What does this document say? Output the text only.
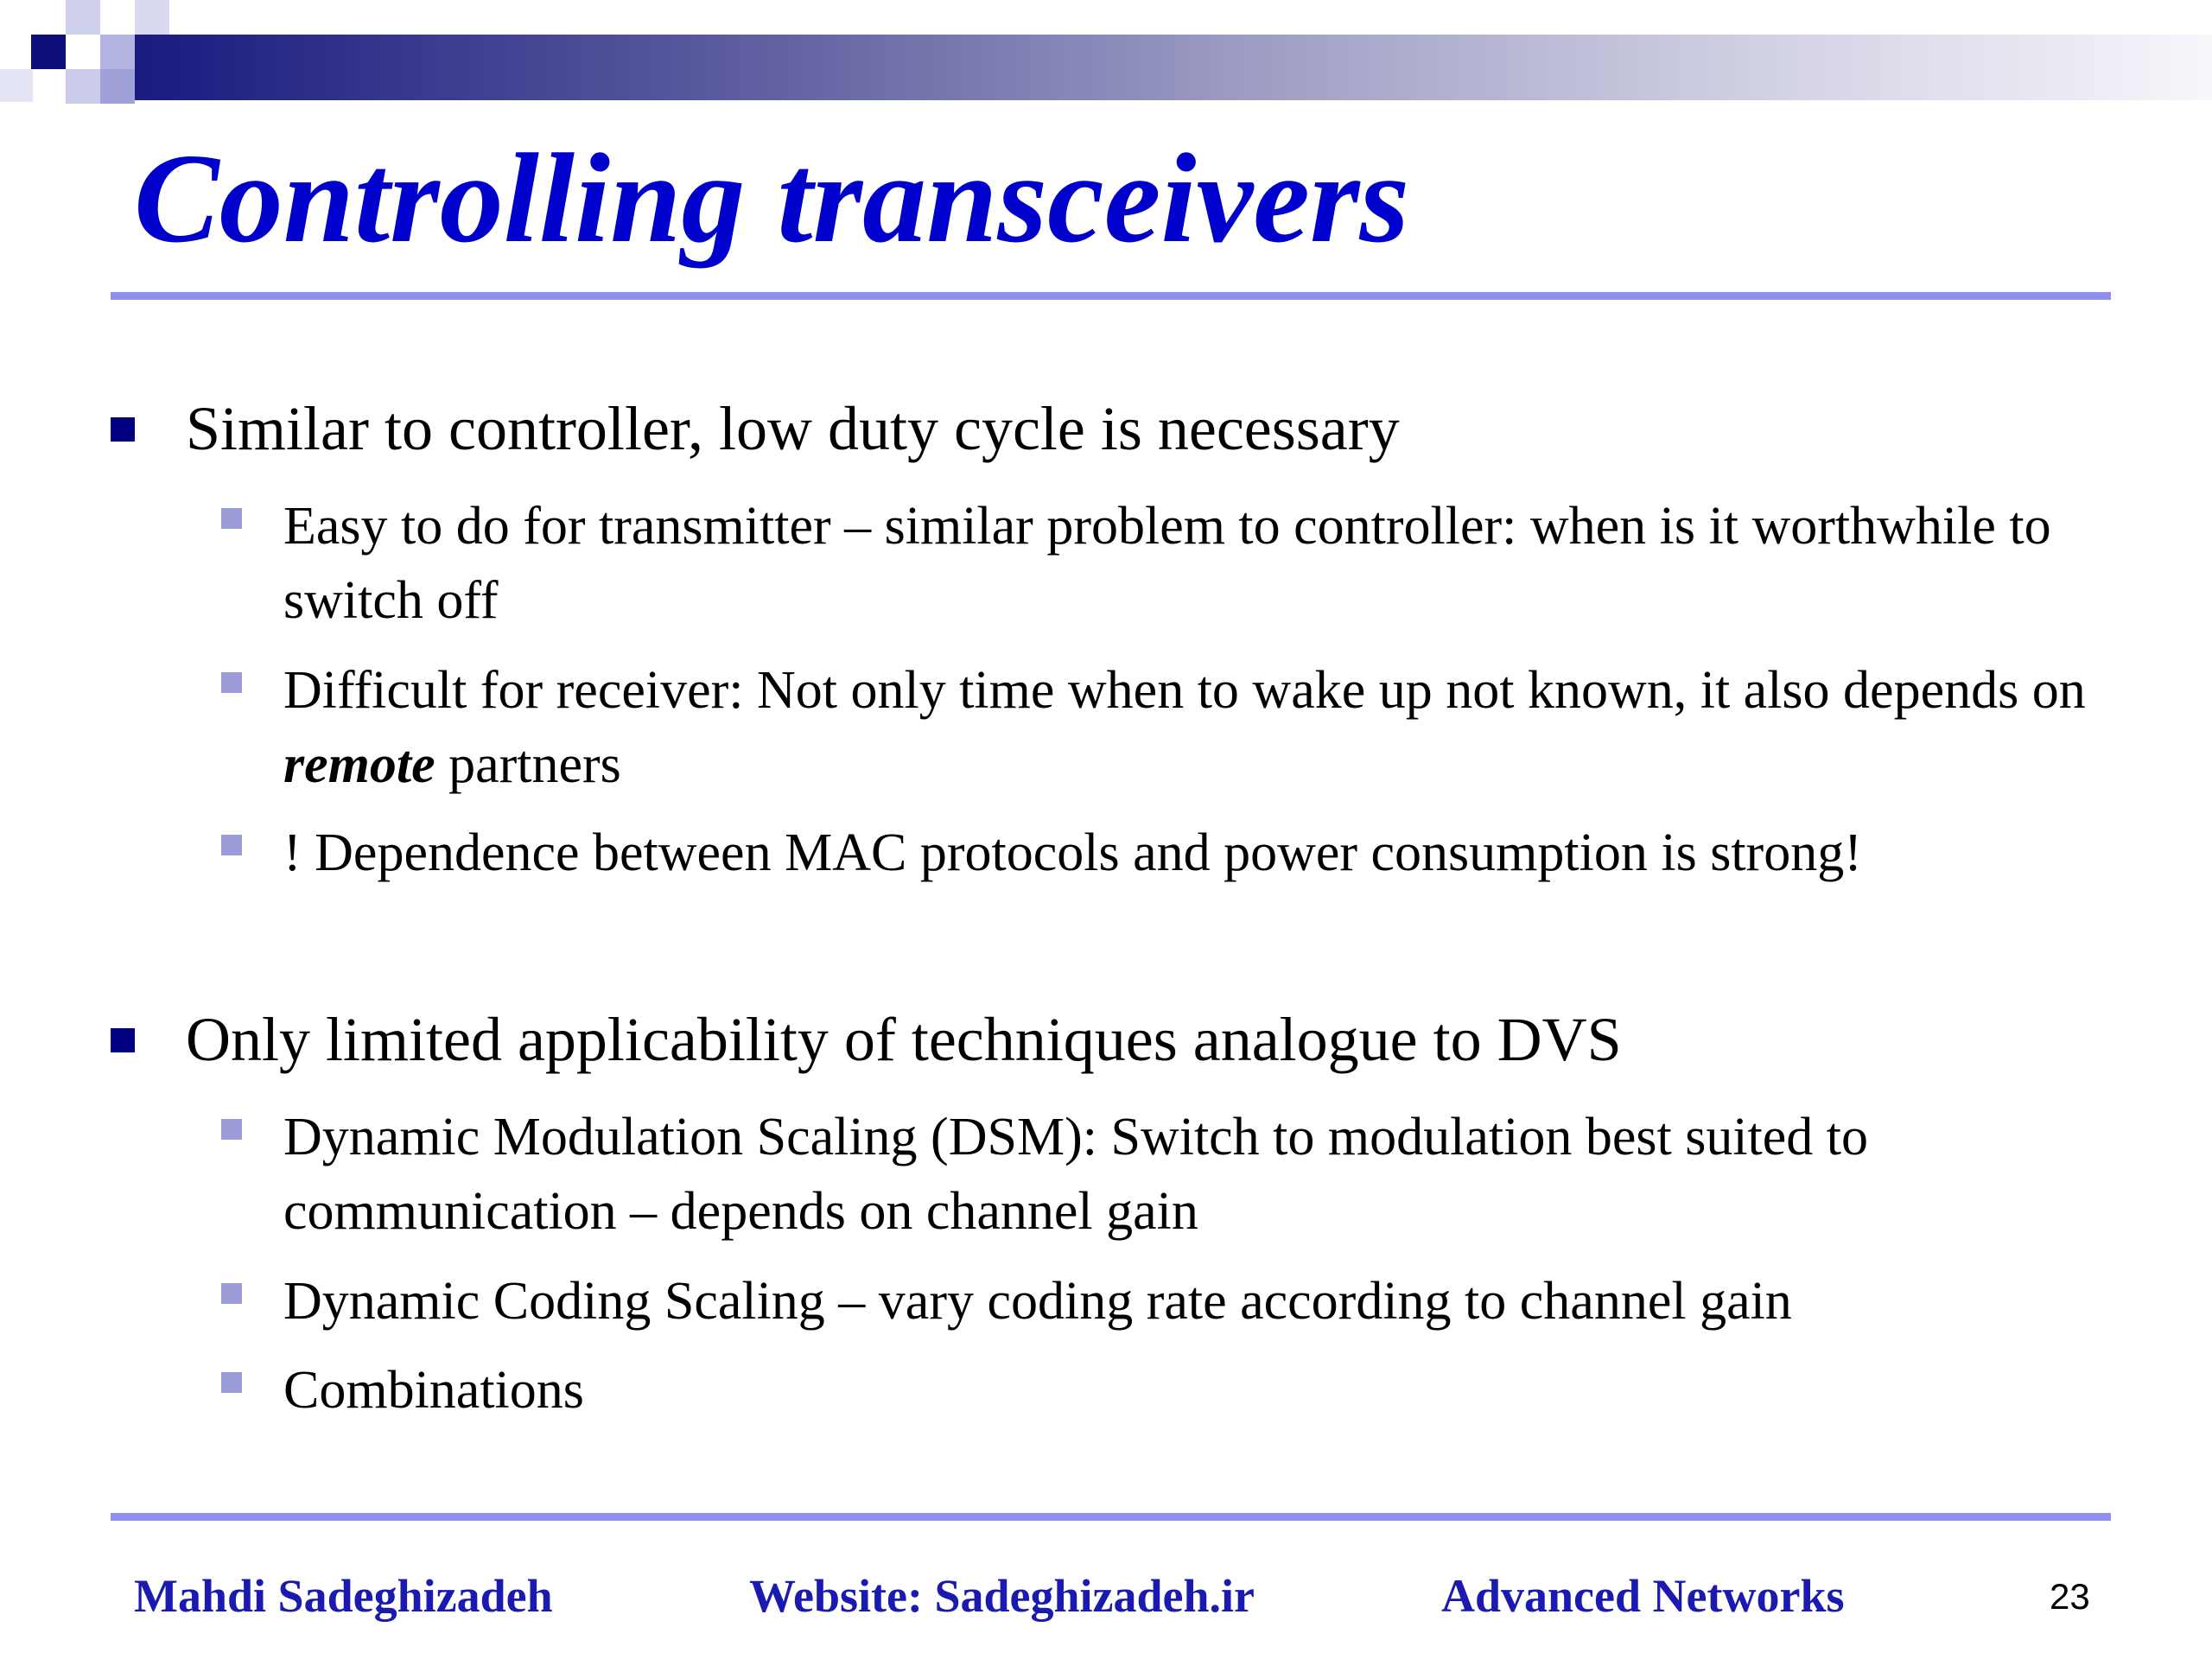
Controlling transceivers
Similar to controller, low duty cycle is necessary
Easy to do for transmitter – similar problem to controller: when is it worthwhile to switch off
Difficult for receiver: Not only time when to wake up not known, it also depends on remote partners
! Dependence between MAC protocols and power consumption is strong!
Only limited applicability of techniques analogue to DVS
Dynamic Modulation Scaling (DSM): Switch to modulation best suited to communication – depends on channel gain
Dynamic Coding Scaling – vary coding rate according to channel gain
Combinations
Mahdi Sadeghizadeh	Website: Sadeghizadeh.ir	Advanced Networks	23
